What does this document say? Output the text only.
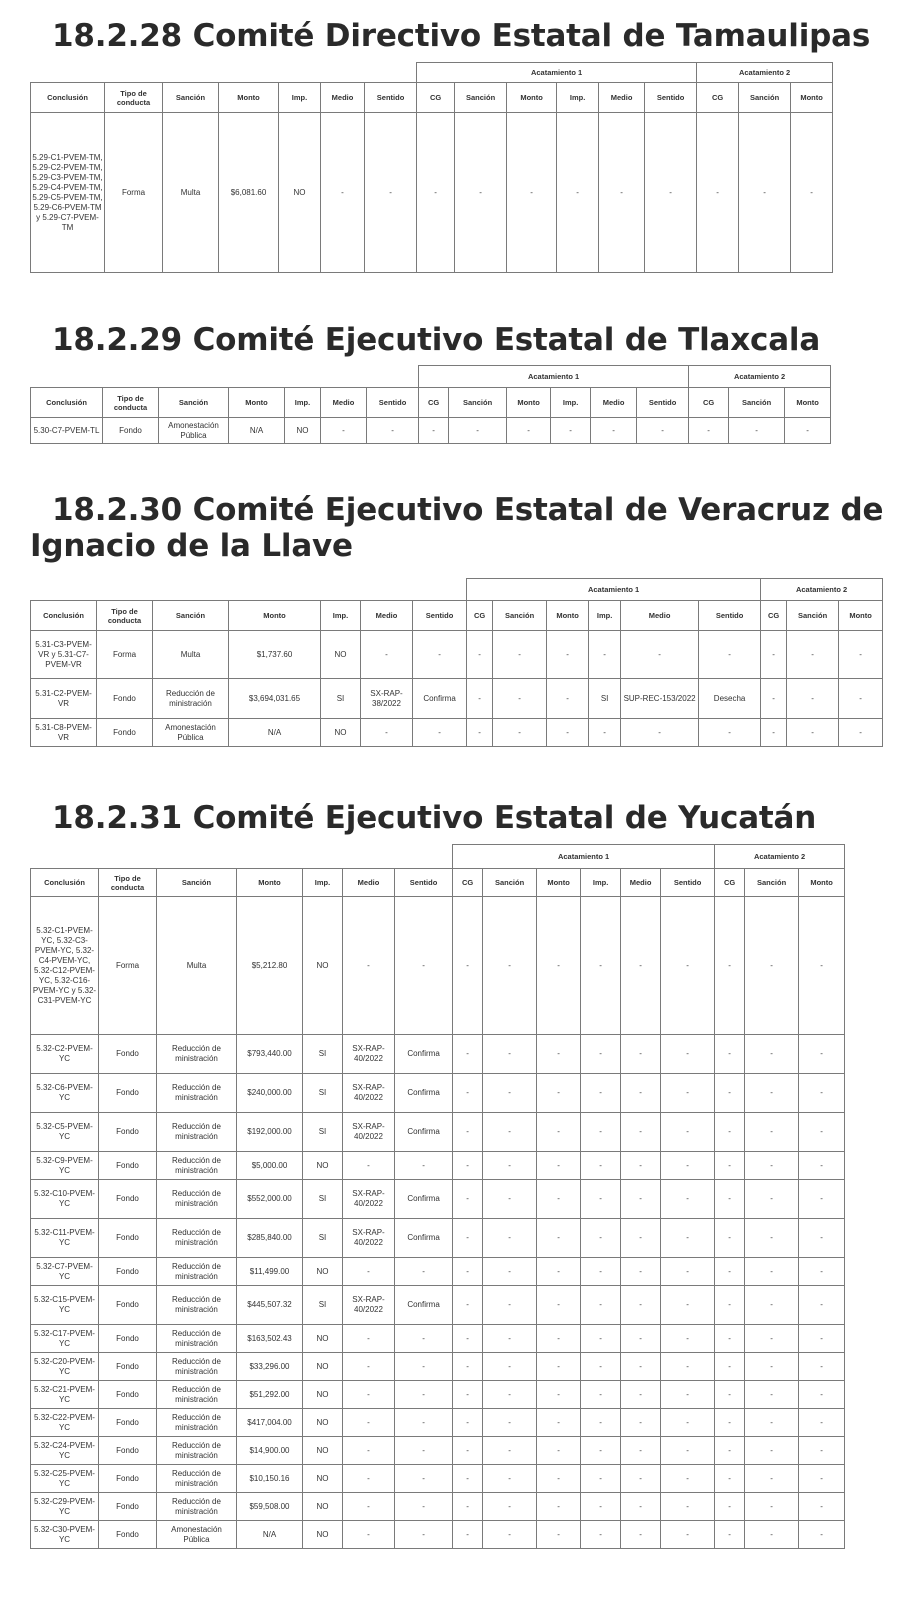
18.2.28 Comité Directivo Estatal de Tamaulipas
							Acatamiento 1						Acatamiento 2		
Conclusión	Tipo de conducta	Sanción	Monto	Imp.	Medio	Sentido	CG	Sanción	Monto	Imp.	Medio	Sentido	CG	Sanción	Monto
5.29-C1-PVEM-TM, 5.29-C2-PVEM-TM, 5.29-C3-PVEM-TM, 5.29-C4-PVEM-TM, 5.29-C5-PVEM-TM, 5.29-C6-PVEM-TM y 5.29-C7-PVEM-TM	Forma	Multa	$6,081.60	NO	-	-	-	-	-	-	-	-	-	-	-
18.2.29 Comité Ejecutivo Estatal de Tlaxcala
							Acatamiento 1						Acatamiento 2		
Conclusión	Tipo de conducta	Sanción	Monto	Imp.	Medio	Sentido	CG	Sanción	Monto	Imp.	Medio	Sentido	CG	Sanción	Monto
5.30-C7-PVEM-TL	Fondo	Amonestación Pública	N/A	NO	-	-	-	-	-	-	-	-	-	-	-
18.2.30 Comité Ejecutivo Estatal de Veracruz de
Ignacio de la Llave
							Acatamiento 1						Acatamiento 2		
Conclusión	Tipo de conducta	Sanción	Monto	Imp.	Medio	Sentido	CG	Sanción	Monto	Imp.	Medio	Sentido	CG	Sanción	Monto
5.31-C3-PVEM-VR y 5.31-C7-PVEM-VR	Forma	Multa	$1,737.60	NO	-	-	-	-	-	-	-	-	-	-	-
5.31-C2-PVEM-VR	Fondo	Reducción de ministración	$3,694,031.65	SI	SX-RAP-38/2022	Confirma	-	-	-	SI	SUP-REC-153/2022	Desecha	-	-	-
5.31-C8-PVEM-VR	Fondo	Amonestación Pública	N/A	NO	-	-	-	-	-	-	-	-	-	-	-
18.2.31 Comité Ejecutivo Estatal de Yucatán
							Acatamiento 1						Acatamiento 2		
Conclusión	Tipo de conducta	Sanción	Monto	Imp.	Medio	Sentido	CG	Sanción	Monto	Imp.	Medio	Sentido	CG	Sanción	Monto
5.32-C1-PVEM-YC, 5.32-C3-PVEM-YC, 5.32-C4-PVEM-YC, 5.32-C12-PVEM-YC, 5.32-C16-PVEM-YC y 5.32-C31-PVEM-YC	Forma	Multa	$5,212.80	NO	-	-	-	-	-	-	-	-	-	-	-
5.32-C2-PVEM-YC	Fondo	Reducción de ministración	$793,440.00	SI	SX-RAP-40/2022	Confirma	-	-	-	-	-	-	-	-	-
5.32-C6-PVEM-YC	Fondo	Reducción de ministración	$240,000.00	SI	SX-RAP-40/2022	Confirma	-	-	-	-	-	-	-	-	-
5.32-C5-PVEM-YC	Fondo	Reducción de ministración	$192,000.00	SI	SX-RAP-40/2022	Confirma	-	-	-	-	-	-	-	-	-
5.32-C9-PVEM-YC	Fondo	Reducción de ministración	$5,000.00	NO	-	-	-	-	-	-	-	-	-	-	-
5.32-C10-PVEM-YC	Fondo	Reducción de ministración	$552,000.00	SI	SX-RAP-40/2022	Confirma	-	-	-	-	-	-	-	-	-
5.32-C11-PVEM-YC	Fondo	Reducción de ministración	$285,840.00	SI	SX-RAP-40/2022	Confirma	-	-	-	-	-	-	-	-	-
5.32-C7-PVEM-YC	Fondo	Reducción de ministración	$11,499.00	NO	-	-	-	-	-	-	-	-	-	-	-
5.32-C15-PVEM-YC	Fondo	Reducción de ministración	$445,507.32	SI	SX-RAP-40/2022	Confirma	-	-	-	-	-	-	-	-	-
5.32-C17-PVEM-YC	Fondo	Reducción de ministración	$163,502.43	NO	-	-	-	-	-	-	-	-	-	-	-
5.32-C20-PVEM-YC	Fondo	Reducción de ministración	$33,296.00	NO	-	-	-	-	-	-	-	-	-	-	-
5.32-C21-PVEM-YC	Fondo	Reducción de ministración	$51,292.00	NO	-	-	-	-	-	-	-	-	-	-	-
5.32-C22-PVEM-YC	Fondo	Reducción de ministración	$417,004.00	NO	-	-	-	-	-	-	-	-	-	-	-
5.32-C24-PVEM-YC	Fondo	Reducción de ministración	$14,900.00	NO	-	-	-	-	-	-	-	-	-	-	-
5.32-C25-PVEM-YC	Fondo	Reducción de ministración	$10,150.16	NO	-	-	-	-	-	-	-	-	-	-	-
5.32-C29-PVEM-YC	Fondo	Reducción de ministración	$59,508.00	NO	-	-	-	-	-	-	-	-	-	-	-
5.32-C30-PVEM-YC	Fondo	Amonestación Pública	N/A	NO	-	-	-	-	-	-	-	-	-	-	-
